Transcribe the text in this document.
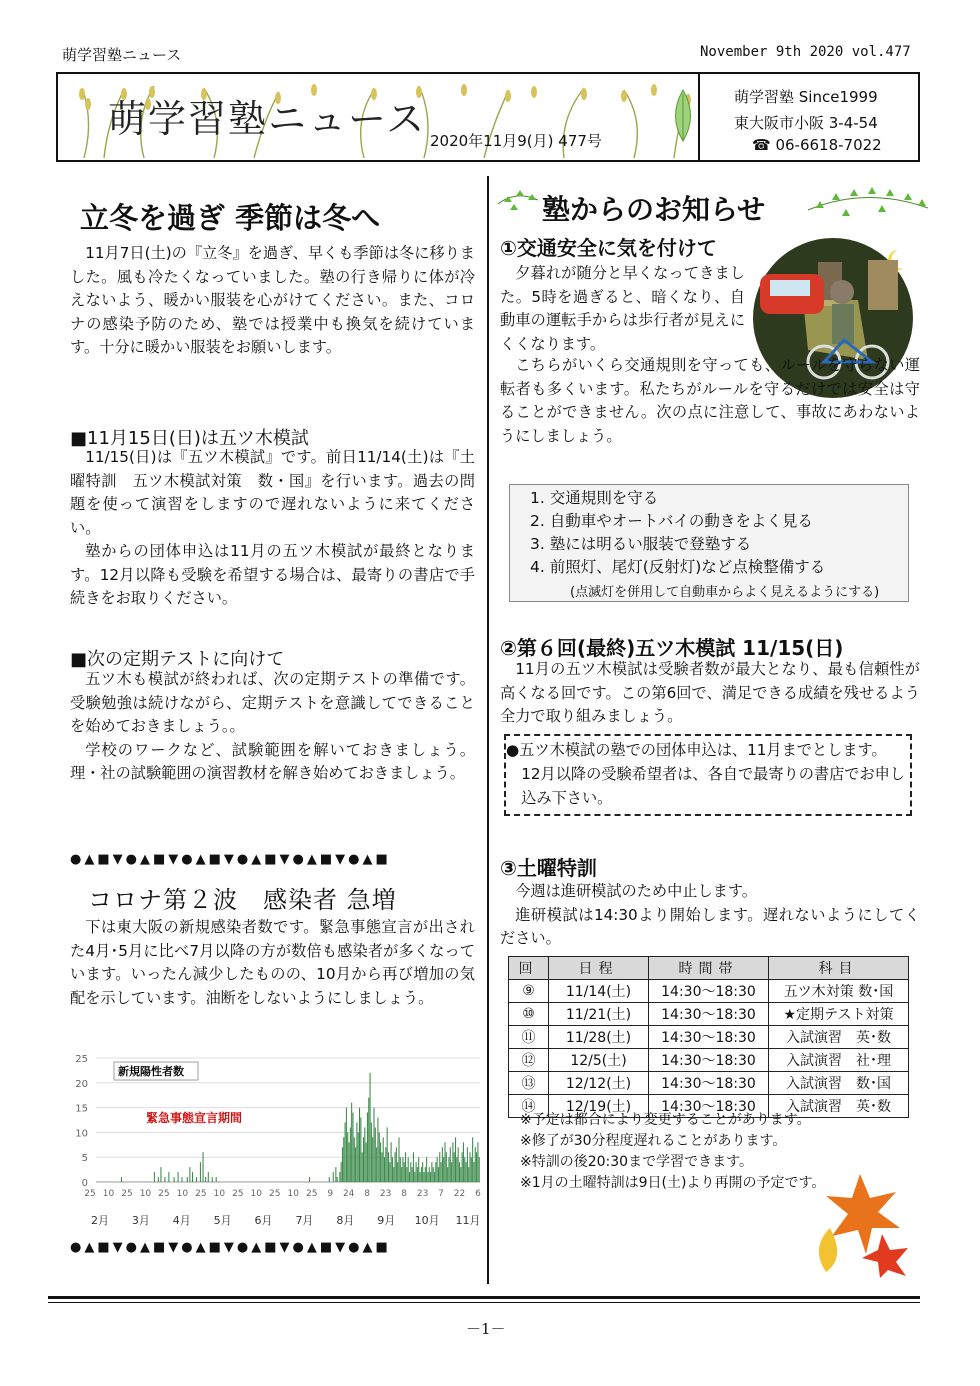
萌学習塾ニュース	November 9th 2020 vol.477
萌学習塾ニュース 2020年11月9(月) 477号
萌学習塾 Since1999
東大阪市小阪 3-4-54
☎ 06-6618-7022
立冬を過ぎ 季節は冬へ
11月7日(土)の『立冬』を過ぎ、早くも季節は冬に移りました。風も冷たくなっていました。塾の行き帰りに体が冷えないよう、暖かい服装を心がけてください。また、コロナの感染予防のため、塾では授業中も換気を続けています。十分に暖かい服装をお願いします。
■11月15日(日)は五ツ木模試

11/15(日)は『五ツ木模試』です。前日11/14(土)は『土曜特訓　五ツ木模試対策　数・国』を行います。過去の問題を使って演習をしますので遅れないように来てください。

塾からの団体申込は11月の五ツ木模試が最終となります。12月以降も受験を希望する場合は、最寄りの書店で手続きをお取りください。

■次の定期テストに向けて

五ツ木も模試が終われば、次の定期テストの準備です。受験勉強は続けながら、定期テストを意識してできることを始めておきましょう。。

学校のワークなど、試験範囲を解いておきましょう。理・社の試験範囲の演習教材を解き始めておきましょう。

●▲■▼●▲■▼●▲■▼●▲■▼●▲■▼●▲■
コロナ第２波　感染者 急増
下は東大阪の新規感染者数です。緊急事態宣言が出された4月･5月に比べ7月以降の方が数倍も感染者が多くなっています。いったん減少したものの、10月から再び増加の気配を示しています。油断をしないようにしましょう。
0
5
10
15
20
25
25 10 25 10 25 10 25 10 25 10 25 10 25 9 24 8 23 8 23 7 22 6
2月 3月 4月 5月 6月 7月 8月 9月 10月 11月
新規陽性者数
緊急事態宣言期間
●▲■▼●▲■▼●▲■▼●▲■▼●▲■▼●▲■
塾からのお知らせ
①交通安全に気を付けて
夕暮れが随分と早くなってきました。5時を過ぎると、暗くなり、自動車の運転手からは歩行者が見えにくくなります。
こちらがいくら交通規則を守っても、ルールを守らない運転者も多くいます。私たちがルールを守るだけでは安全は守ることができません。次の点に注意して、事故にあわないようにしましょう。
1. 交通規則を守る
2. 自動車やオートバイの動きをよく見る
3. 塾には明るい服装で登塾する
4. 前照灯、尾灯(反射灯)など点検整備する
(点滅灯を併用して自動車からよく見えるようにする)
②第６回(最終)五ツ木模試 11/15(日)
11月の五ツ木模試は受験者数が最大となり、最も信頼性が高くなる回です。この第6回で、満足できる成績を残せるよう全力で取り組みましょう。
●五ツ木模試の塾での団体申込は、11月までとします。
12月以降の受験希望者は、各自で最寄りの書店でお申し込み下さい。
③土曜特訓

今週は進研模試のため中止します。

進研模試は14:30より開始します。遅れないようにしてください。

回	日程	時間帯	科目
⑨	11/14(土)	14:30～18:30	五ツ木対策 数･国
⑩	11/21(土)	14:30～18:30	★定期テスト対策
⑪	11/28(土)	14:30～18:30	入試演習　英･数
⑫	12/5(土)	14:30～18:30	入試演習　社･理
⑬	12/12(土)	14:30～18:30	入試演習　数･国
⑭	12/19(土)	14:30～18:30	入試演習　英･数
※予定は都合により変更することがあります。
※修了が30分程度遅れることがあります。
※特訓の後20:30まで学習できます。
※1月の土曜特訓は9日(土)より再開の予定です。
－1－
